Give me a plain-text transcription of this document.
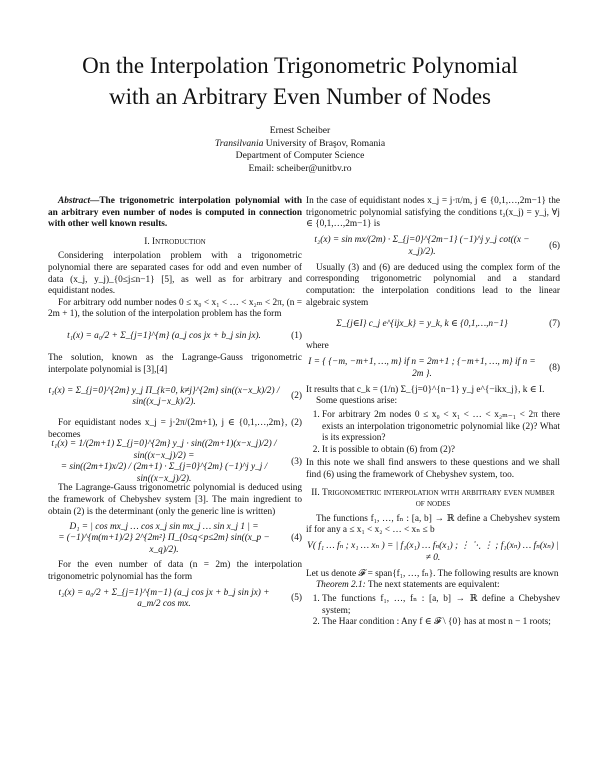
On the Interpolation Trigonometric Polynomial
with an Arbitrary Even Number of Nodes
Ernest Scheiber
Transilvania University of Braşov, Romania
Department of Computer Science
Email: scheiber@unitbv.ro

Abstract—The trigonometric interpolation polynomial with an arbitrary even number of nodes is computed in connection with other well known results.

I. Introduction

Considering interpolation problem with a trigonometric polynomial there are separated cases for odd and even number of data (x_j, y_j)_{0≤j≤n−1} [5], as well as for arbitrary and equidistant nodes.

For arbitrary odd number nodes 0 ≤ x₀ < x₁ < … < x₂ₘ < 2π, (n = 2m + 1), the solution of the interpolation problem has the form

t₁(x) = a₀/2 + Σ_{j=1}^{m} (a_j cos jx + b_j sin jx).	(1)

The solution, known as the Lagrange-Gauss trigonometric interpolate polynomial is [3],[4]

t₁(x) = Σ_{j=0}^{2m} y_j Π_{k=0, k≠j}^{2m} sin((x−x_k)/2) / sin((x_j−x_k)/2).
(2)

For equidistant nodes x_j = j·2π/(2m+1), j ∈ {0,1,…,2m}, (2) becomes

t₁(x) = 1/(2m+1) Σ_{j=0}^{2m} y_j · sin((2m+1)(x−x_j)/2) / sin((x−x_j)/2) =
= sin((2m+1)x/2) / (2m+1) · Σ_{j=0}^{2m} (−1)^j y_j / sin((x−x_j)/2).
(3)

The Lagrange-Gauss trigonometric polynomial is deduced using the framework of Chebyshev system [3]. The main ingredient to obtain (2) is the determinant (only the generic line is written)

D₁ = | cos mx_j … cos x_j sin mx_j … sin x_j 1 | =
= (−1)^{m(m+1)/2} 2^{2m²} Π_{0≤q<p≤2m} sin((x_p − x_q)/2).
(4)

For the even number of data (n = 2m) the interpolation trigonometric polynomial has the form

t₂(x) = a₀/2 + Σ_{j=1}^{m−1} (a_j cos jx + b_j sin jx) + a_m/2 cos mx.
(5)

In the case of equidistant nodes x_j = j·π/m, j ∈ {0,1,…,2m−1} the trigonometric polynomial satisfying the conditions t₂(x_j) = y_j, ∀j ∈ {0,1,…,2m−1} is

t₂(x) = sin mx/(2m) · Σ_{j=0}^{2m−1} (−1)^j y_j cot((x − x_j)/2).
(6)

Usually (3) and (6) are deduced using the complex form of the corresponding trigonometric polynomial and a standard computation: the interpolation conditions lead to the linear algebraic system

Σ_{j∈I} c_j e^{ijx_k} = y_k, k ∈ {0,1,…,n−1}	(7)

where

I = { {−m, −m+1, …, m} if n = 2m+1 ; {−m+1, …, m} if n = 2m }.
(8)

It results that c_k = (1/n) Σ_{j=0}^{n−1} y_j e^{−ikx_j}, k ∈ I.

Some questions arise:

1. For arbitrary 2m nodes 0 ≤ x₀ < x₁ < … < x₂ₘ₋₁ < 2π there exists an interpolation trigonometric polynomial like (2)? What is its expression?
2. It is possible to obtain (6) from (2)?

In this note we shall find answers to these questions and we shall find (6) using the framework of Chebyshev system, too.

II. Trigonometric interpolation with arbitrary even number of nodes

The functions f₁, …, fₙ : [a, b] → ℝ define a Chebyshev system if for any a ≤ x₁ < x₂ < … < xₙ ≤ b

V( f₁ … fₙ ; x₁ … xₙ ) = | f₁(x₁) … fₙ(x₁) ; ⋮ ⋱ ⋮ ; f₁(xₙ) … fₙ(xₙ) | ≠ 0.

Let us denote 𝓕 = span{f₁, …, fₙ}. The following results are known

Theorem 2.1: The next statements are equivalent:

1. The functions f₁, …, fₙ : [a, b] → ℝ define a Chebyshev system;
2. The Haar condition : Any f ∈ 𝓕 \ {0} has at most n − 1 roots;
